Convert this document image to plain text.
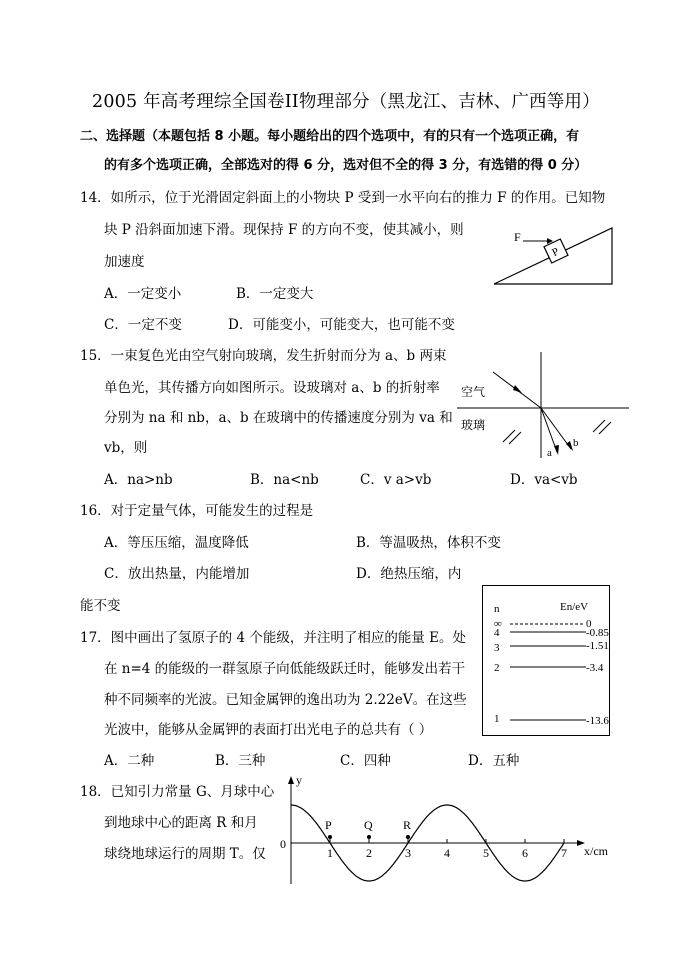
2005 年高考理综全国卷II物理部分（黑龙江、吉林、广西等用）
二、选择题（本题包括 8 小题。每小题给出的四个选项中，有的只有一个选项正确，有
的有多个选项正确，全部选对的得 6 分，选对但不全的得 3 分，有选错的得 0 分）
14．如所示，位于光滑固定斜面上的小物块 P 受到一水平向右的推力 F 的作用。已知物
块 P 沿斜面加速下滑。现保持 F 的方向不变，使其减小，则
加速度
A．一定变小	B．一定变大
C．一定不变	D．可能变小，可能变大，也可能不变
P
F
15．一束复色光由空气射向玻璃，发生折射而分为 a、b 两束
单色光，其传播方向如图所示。设玻璃对 a、b 的折射率
分别为 na 和 nb，a、b 在玻璃中的传播速度分别为 va 和
vb，则
A．na>nb	B．na<nb	C．v a>vb	D．va<vb
空气
玻璃
a
b
16．对于定量气体，可能发生的过程是
A．等压压缩，温度降低	B．等温吸热，体积不变
C．放出热量，内能增加	D．绝热压缩，内
能不变
17．图中画出了氢原子的 4 个能级，并注明了相应的能量 E。处
在 n=4 的能级的一群氢原子向低能级跃迁时，能够发出若干
种不同频率的光波。已知金属钾的逸出功为 2.22eV。在这些
光波中，能够从金属钾的表面打出光电子的总共有（ ）
A．二种	B．三种	C．四种	D．五种
n	En/eV
∞	0
4	-0.85
3	-1.51
2	-3.4
1	-13.6
18．已知引力常量 G、月球中心
到地球中心的距离 R 和月
球绕地球运行的周期 T。仅
y
x/cm
0
1	2	3	4	5	6	7
P	Q	R
